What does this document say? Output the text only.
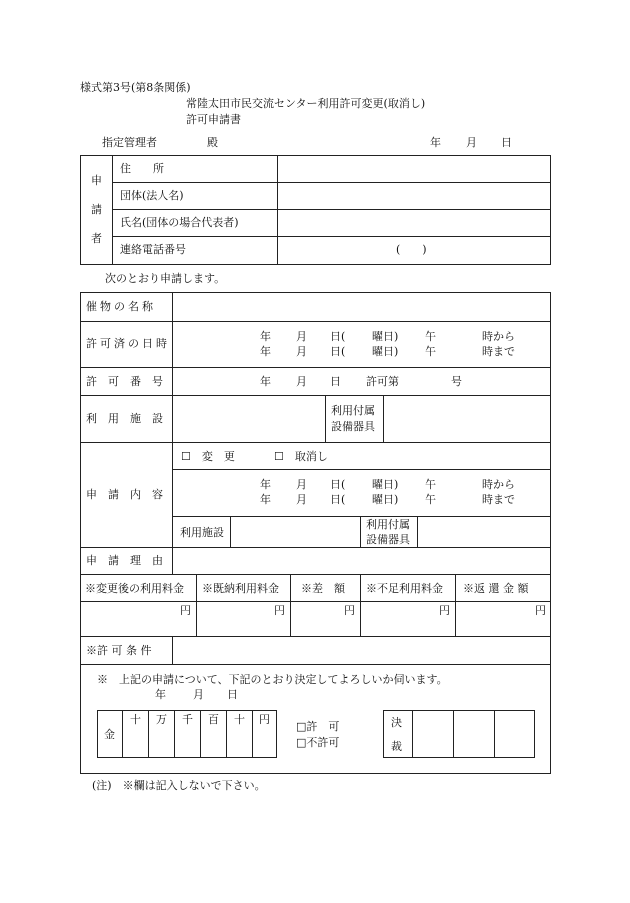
様式第3号(第8条関係)
常陸太田市民交流センター利用許可変更(取消し)
許可申請書
指定管理者	殿	年 月 日
申
請
者
住　　所
団体(法人名)
氏名(団体の場合代表者)
連絡電話番号	(　　)
次のとおり申請します。
催物の名称
許可済の日時
年 月 日( 曜日) 午	時から
年 月 日( 曜日) 午	時まで
許　可　番　号	年 月 日 許可第	号
利　用　施　設
利用付属
設備器具
申　請　内　容
☐　変　更	☐　取消し
年 月 日( 曜日) 午	時から
年 月 日( 曜日) 午	時まで
利用施設
利用付属
設備器具
申　請　理　由
※変更後の利用料金 ※既納利用料金 ※差　額 ※不足利用料金 ※返 還 金 額
円	円	円	円	円
※許 可 条 件
※　上記の申請について、下記のとおり決定してよろしいか伺います。
年 月 日
金
十 万 千 百 十 円
□許　可
□不許可
決
裁
(注)　※欄は記入しないで下さい。
